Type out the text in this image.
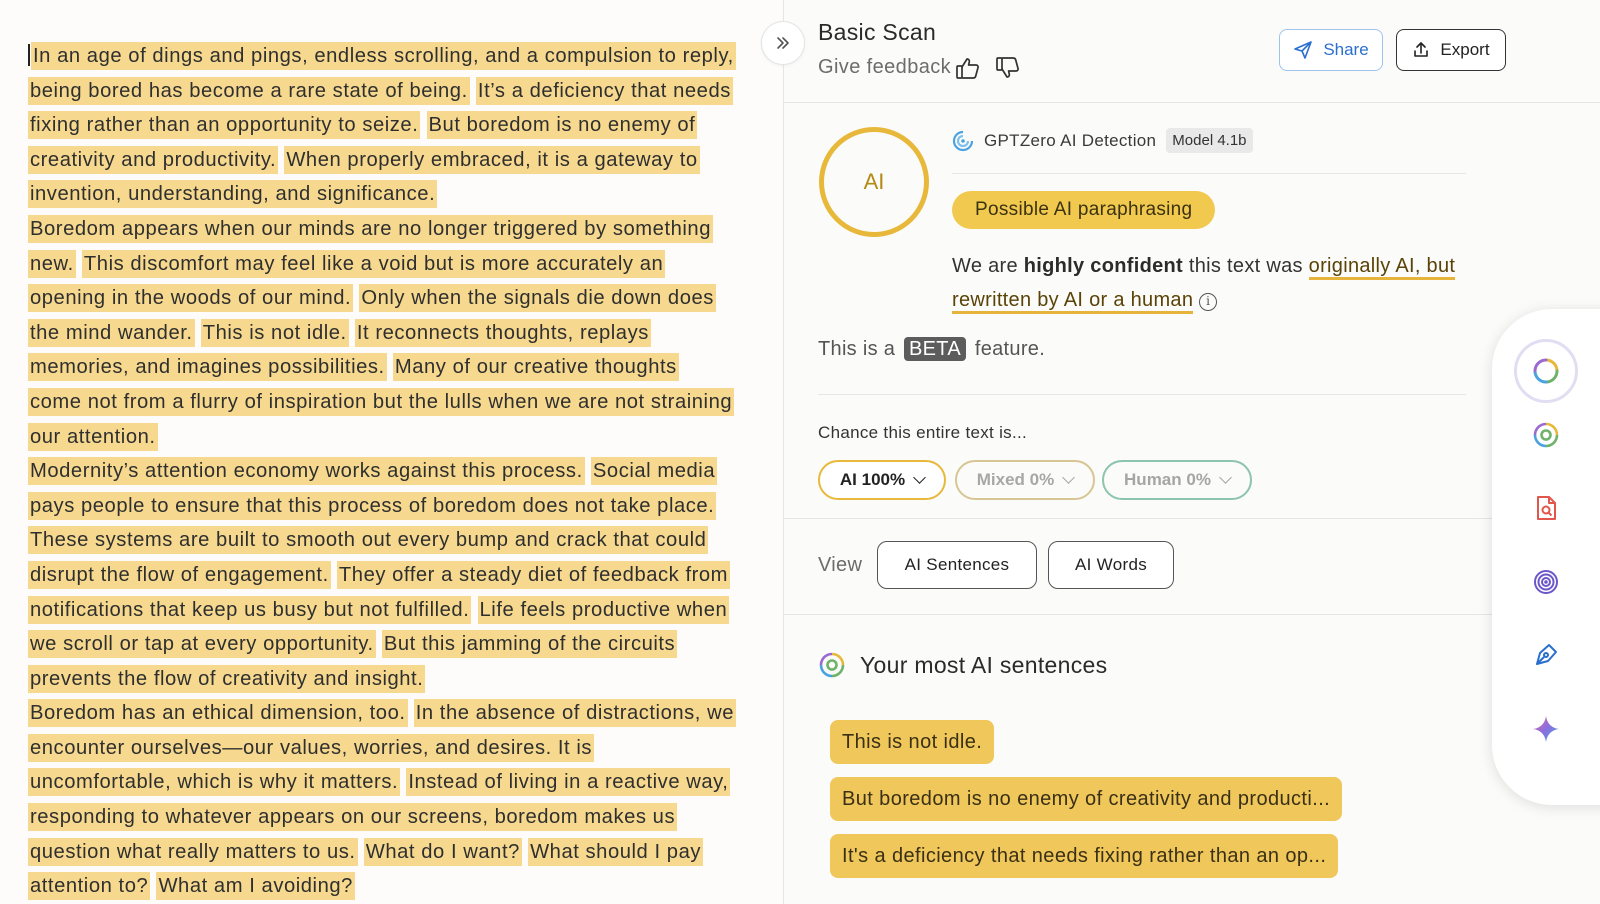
In an age of dings and pings, endless scrolling, and a compulsion to reply, being bored has become a rare state of being. It’s a deficiency that needs fixing rather than an opportunity to seize. But boredom is no enemy of creativity and productivity. When properly embraced, it is a gateway to invention, understanding, and significance.

Boredom appears when our minds are no longer triggered by something new. This discomfort may feel like a void but is more accurately an opening in the woods of our mind. Only when the signals die down does the mind wander. This is not idle. It reconnects thoughts, replays memories, and imagines possibilities. Many of our creative thoughts come not from a flurry of inspiration but the lulls when we are not straining our attention.

Modernity’s attention economy works against this process. Social media pays people to ensure that this process of boredom does not take place. These systems are built to smooth out every bump and crack that could disrupt the flow of engagement. They offer a steady diet of feedback from notifications that keep us busy but not fulfilled. Life feels productive when we scroll or tap at every opportunity. But this jamming of the circuits prevents the flow of creativity and insight.

Boredom has an ethical dimension, too. In the absence of distractions, we encounter ourselves—our values, worries, and desires. It is uncomfortable, which is why it matters. Instead of living in a reactive way, responding to whatever appears on our screens, boredom makes us question what really matters to us. What do I want? What should I pay attention to? What am I avoiding?

Basic Scan
Give feedback
Share	Export
AI
GPTZero AI Detection	Model 4.1b
Possible AI paraphrasing
We are highly confident this text was originally AI, but rewritten by AI or a human i
This is a BETA feature.
Chance this entire text is...
AI 100%	Mixed 0%	Human 0%
View	AI Sentences	AI Words
Your most AI sentences
This is not idle.
But boredom is no enemy of creativity and producti...
It's a deficiency that needs fixing rather than an op...
